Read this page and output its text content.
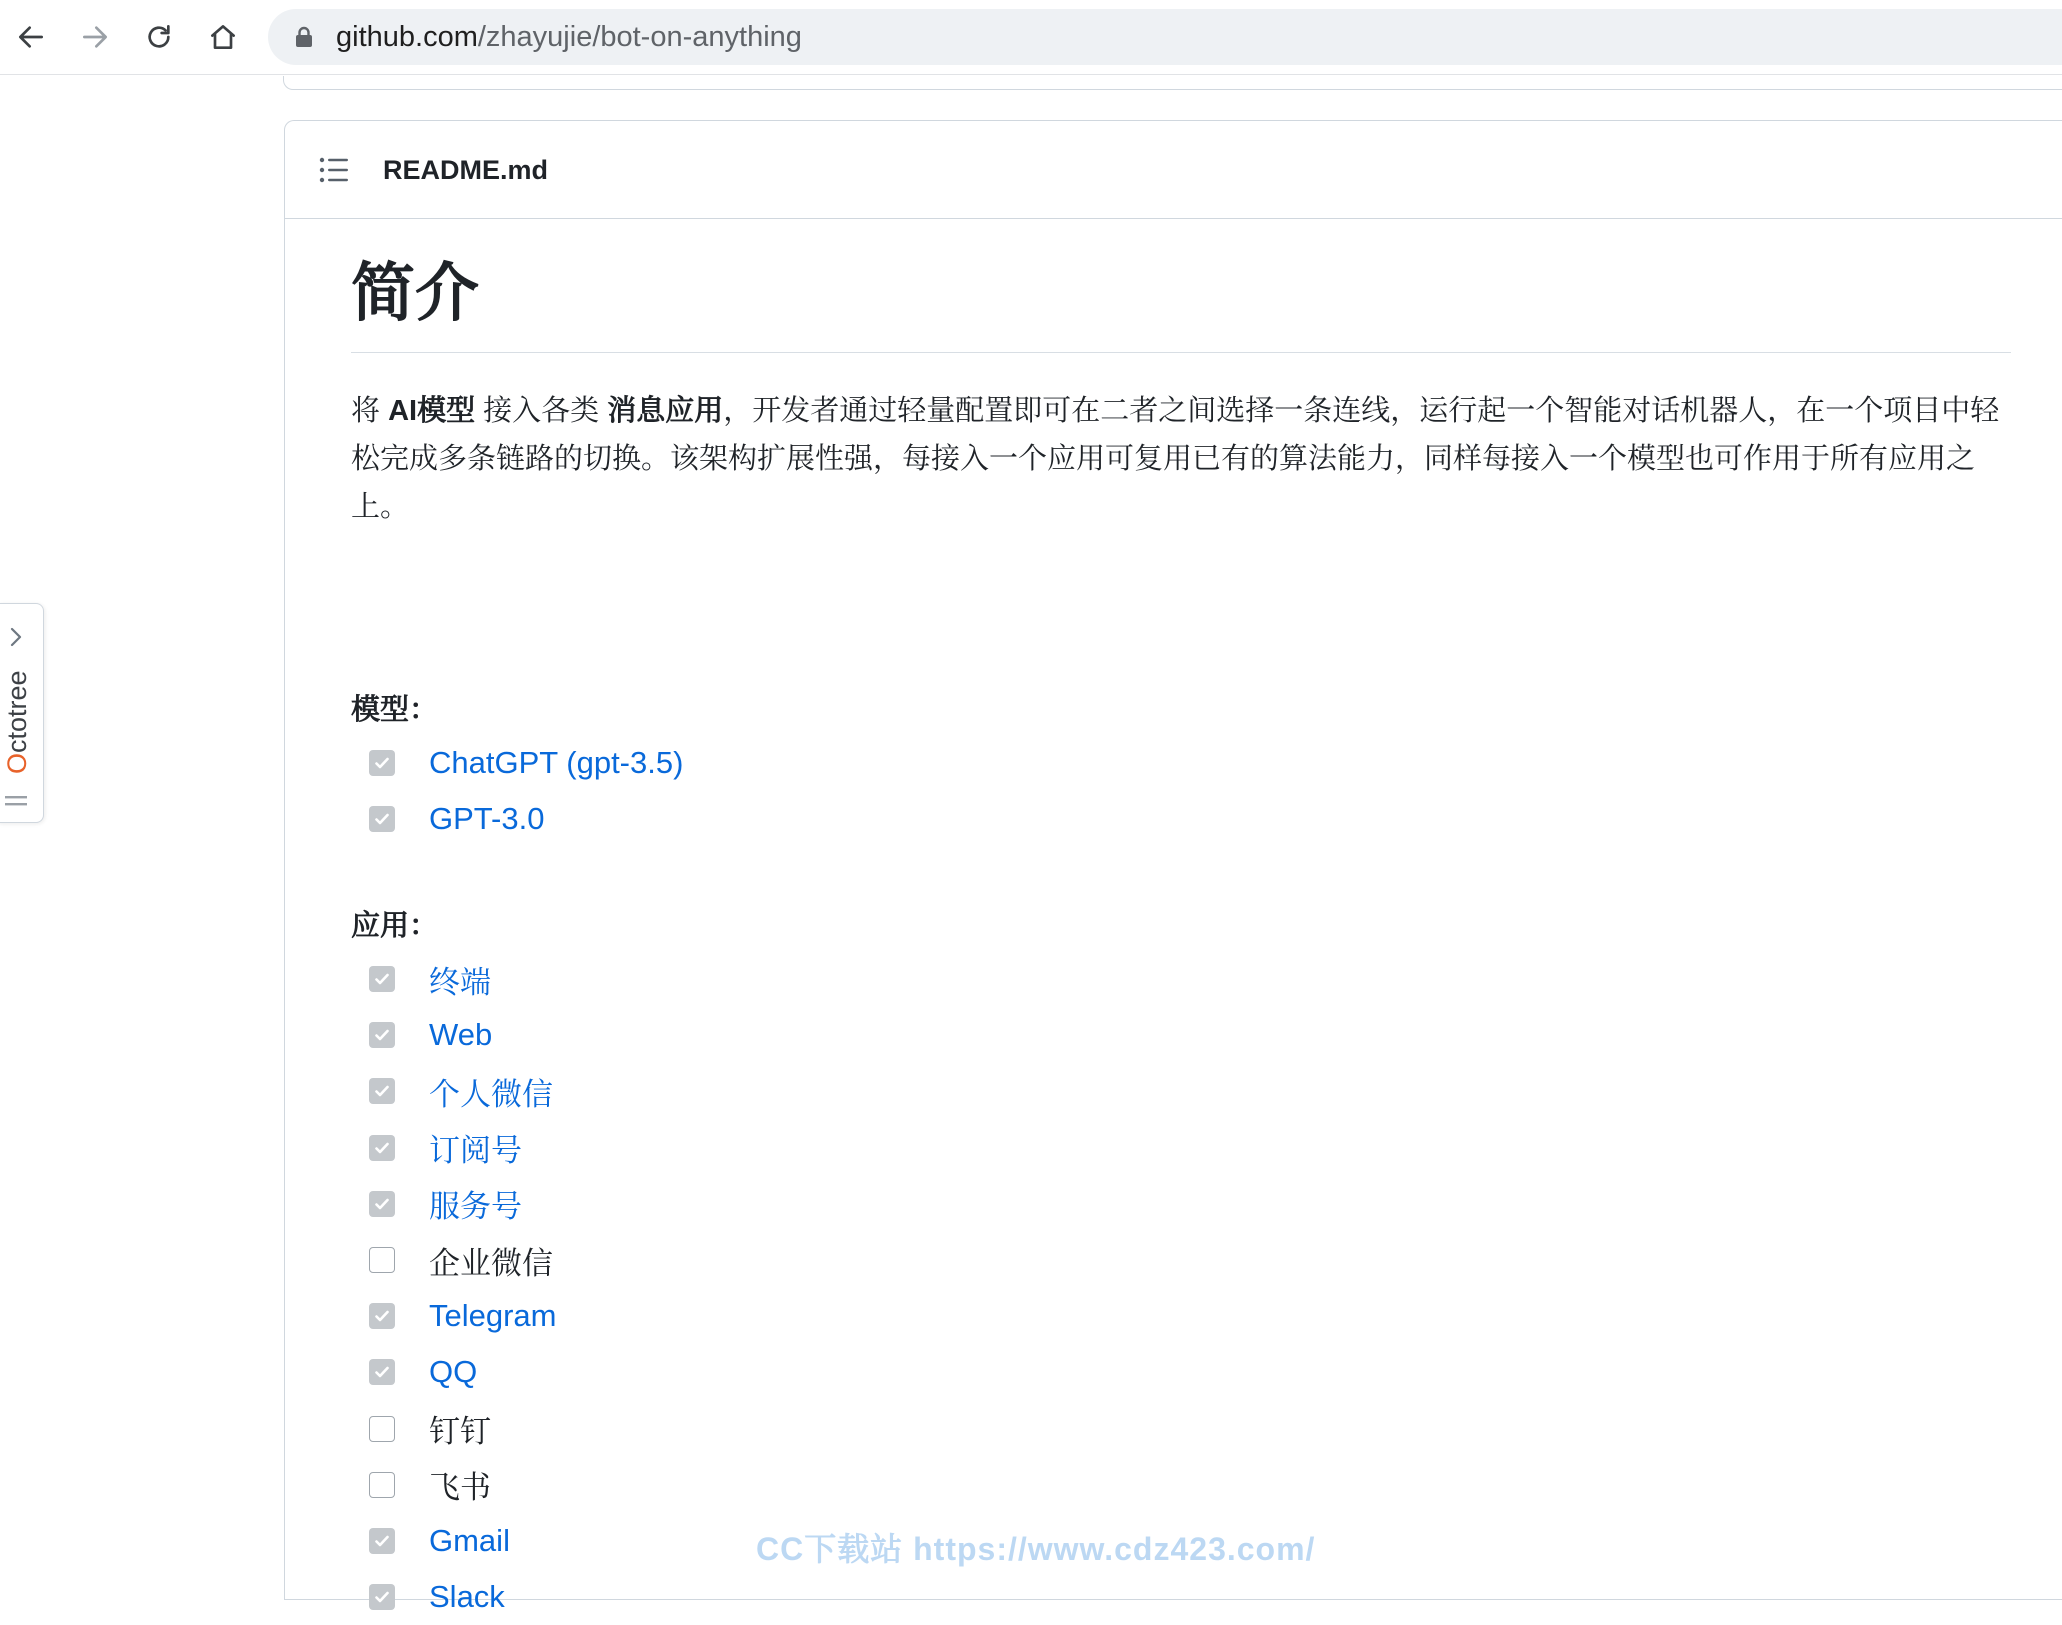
github.com/zhayujie/bot-on-anything
README.md
简介

将 AI模型 接入各类 消息应用，开发者通过轻量配置即可在二者之间选择一条连线，运行起一个智能对话机器人，在一个项目中轻松完成多条链路的切换。该架构扩展性强，每接入一个应用可复用已有的算法能力，同样每接入一个模型也可作用于所有应用之上。

模型：
ChatGPT (gpt-3.5)
GPT-3.0
应用：
终端
Web
个人微信
订阅号
服务号
企业微信
Telegram
QQ
钉钉
飞书
Gmail
Slack
Octotree
CC下载站 https://www.cdz423.com/
